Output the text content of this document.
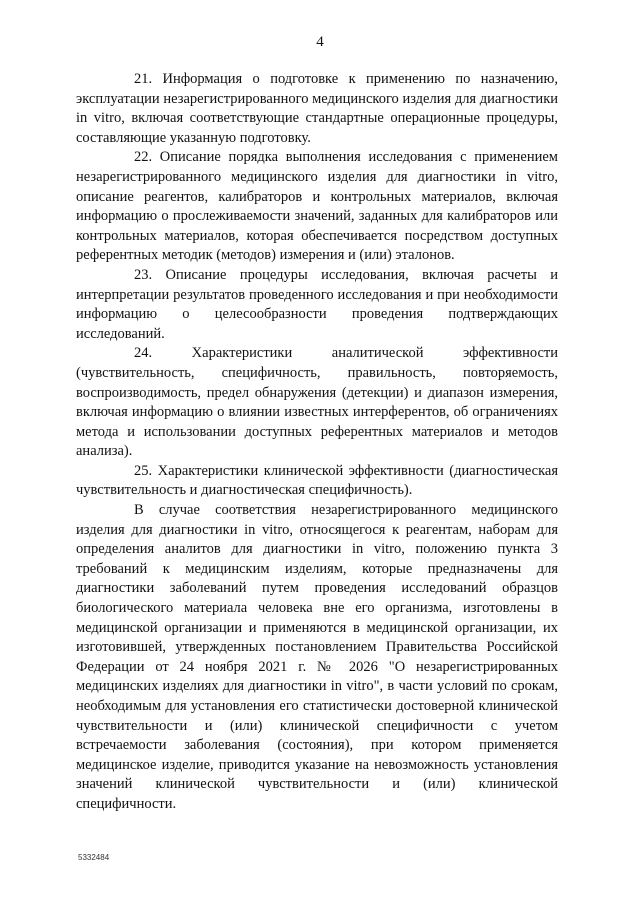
4

21. Информация о подготовке к применению по назначению, эксплуатации незарегистрированного медицинского изделия для диагностики in vitro, включая соответствующие стандартные операционные процедуры, составляющие указанную подготовку.

22. Описание порядка выполнения исследования с применением незарегистрированного медицинского изделия для диагностики in vitro, описание реагентов, калибраторов и контрольных материалов, включая информацию о прослеживаемости значений, заданных для калибраторов или контрольных материалов, которая обеспечивается посредством доступных референтных методик (методов) измерения и (или) эталонов.

23. Описание процедуры исследования, включая расчеты и интерпретации результатов проведенного исследования и при необходимости информацию о целесообразности проведения подтверждающих исследований.

24. Характеристики аналитической эффективности (чувствительность, специфичность, правильность, повторяемость, воспроизводимость, предел обнаружения (детекции) и диапазон измерения, включая информацию о влиянии известных интерферентов, об ограничениях метода и использовании доступных референтных материалов и методов анализа).

25. Характеристики клинической эффективности (диагностическая чувствительность и диагностическая специфичность).

В случае соответствия незарегистрированного медицинского изделия для диагностики in vitro, относящегося к реагентам, наборам для определения аналитов для диагностики in vitro, положению пункта 3 требований к медицинским изделиям, которые предназначены для диагностики заболеваний путем проведения исследований образцов биологического материала человека вне его организма, изготовлены в медицинской организации и применяются в медицинской организации, их изготовившей, утвержденных постановлением Правительства Российской Федерации от 24 ноября 2021 г. № 2026 "О незарегистрированных медицинских изделиях для диагностики in vitro", в части условий по срокам, необходимым для установления его статистически достоверной клинической чувствительности и (или) клинической специфичности с учетом встречаемости заболевания (состояния), при котором применяется медицинское изделие, приводится указание на невозможность установления значений клинической чувствительности и (или) клинической специфичности.

5332484
